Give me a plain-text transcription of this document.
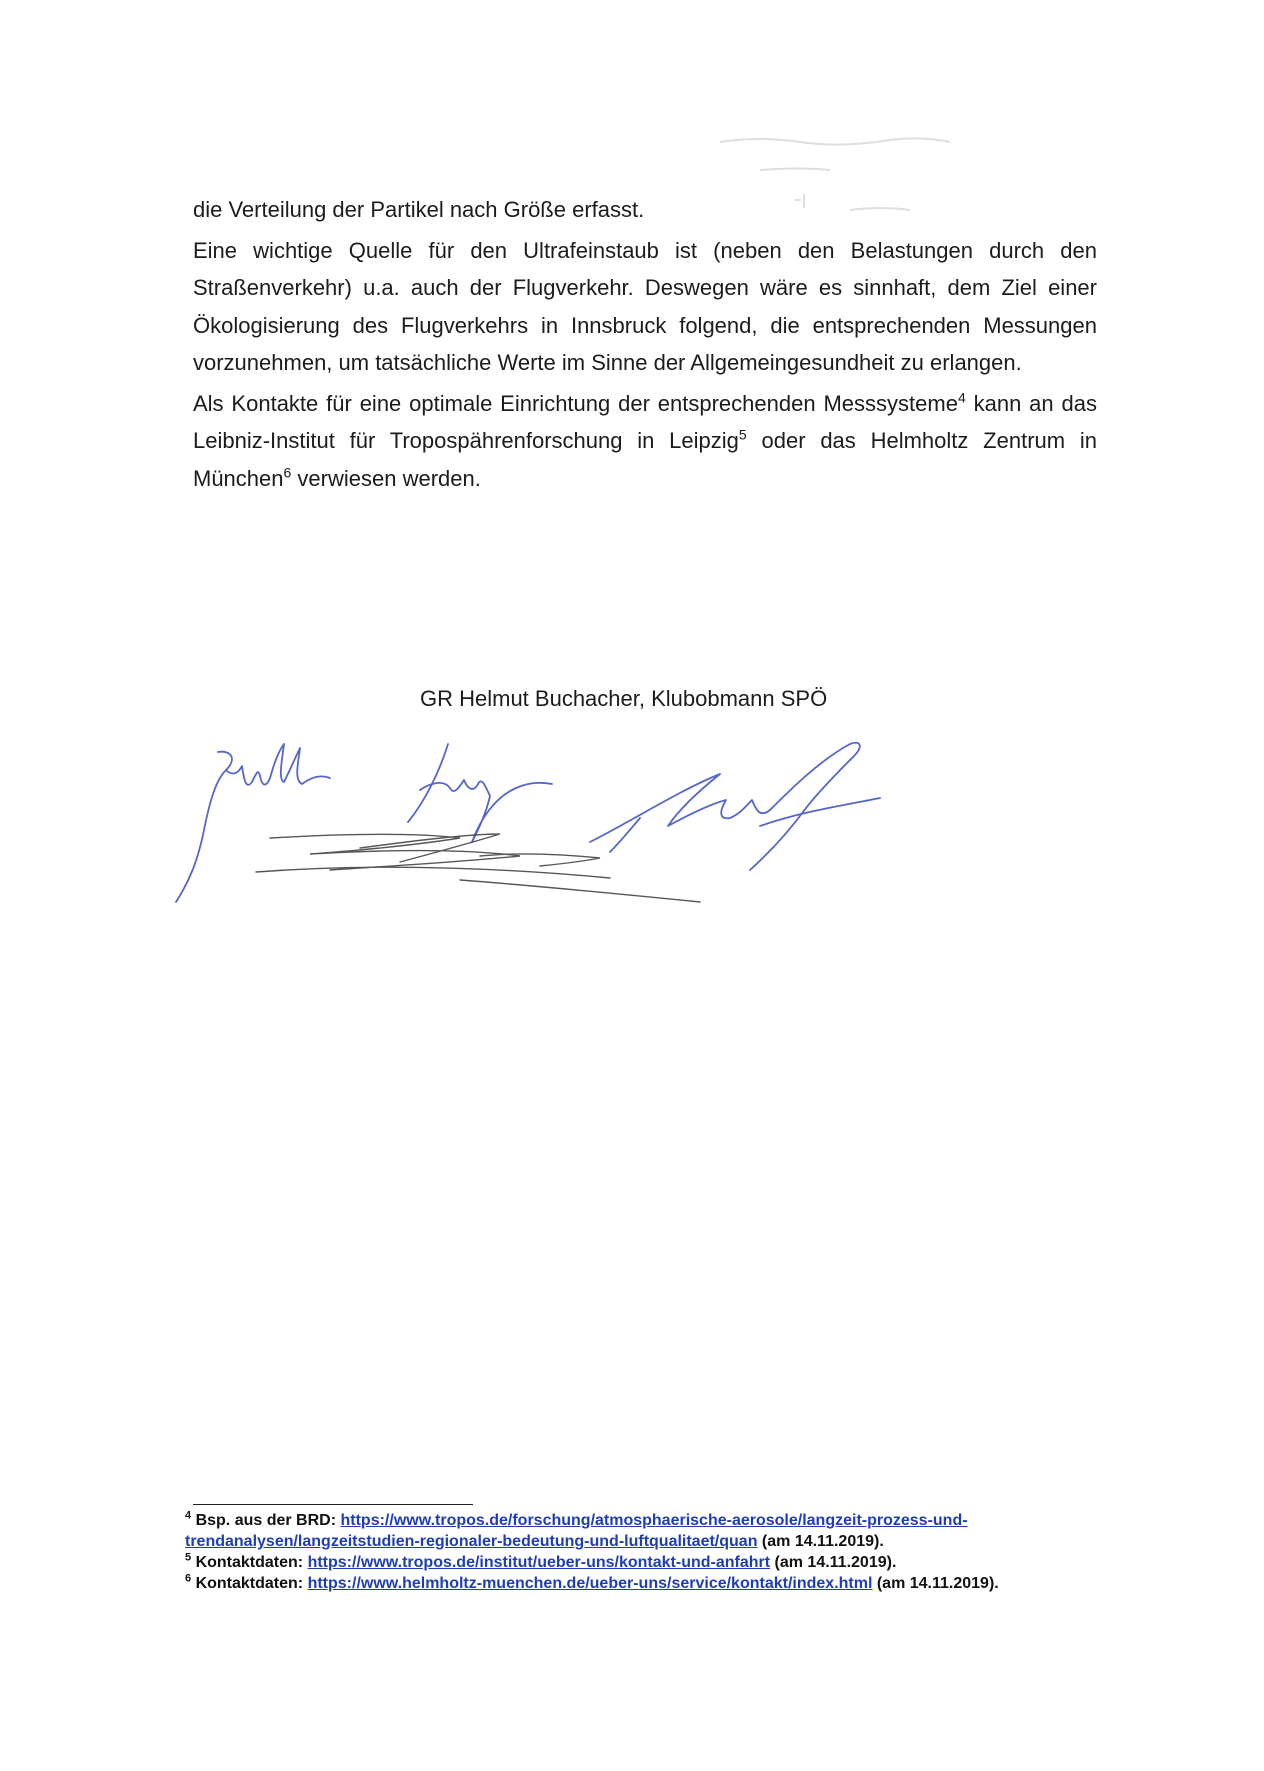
die Verteilung der Partikel nach Größe erfasst.

Eine wichtige Quelle für den Ultrafeinstaub ist (neben den Belastungen durch den Straßenverkehr) u.a. auch der Flugverkehr. Deswegen wäre es sinnhaft, dem Ziel einer Ökologisierung des Flugverkehrs in Innsbruck folgend, die entsprechenden Messungen vorzunehmen, um tatsächliche Werte im Sinne der Allgemeingesundheit zu erlangen.

Als Kontakte für eine optimale Einrichtung der entsprechenden Messsysteme$^4$ kann an das Leibniz-Institut für Tropospährenforschung in Leipzig$^5$ oder das Helmholtz Zentrum in München$^6$ verwiesen werden.

GR Helmut Buchacher, Klubobmann SPÖ

$^4$ Bsp. aus der BRD: https://www.tropos.de/forschung/atmosphaerische-aerosole/langzeit-prozess-und-trendanalysen/langzeitstudien-regionaler-bedeutung-und-luftqualitaet/quan (am 14.11.2019).

$^5$ Kontaktdaten: https://www.tropos.de/institut/ueber-uns/kontakt-und-anfahrt (am 14.11.2019).

$^6$ Kontaktdaten: https://www.helmholtz-muenchen.de/ueber-uns/service/kontakt/index.html (am 14.11.2019).
